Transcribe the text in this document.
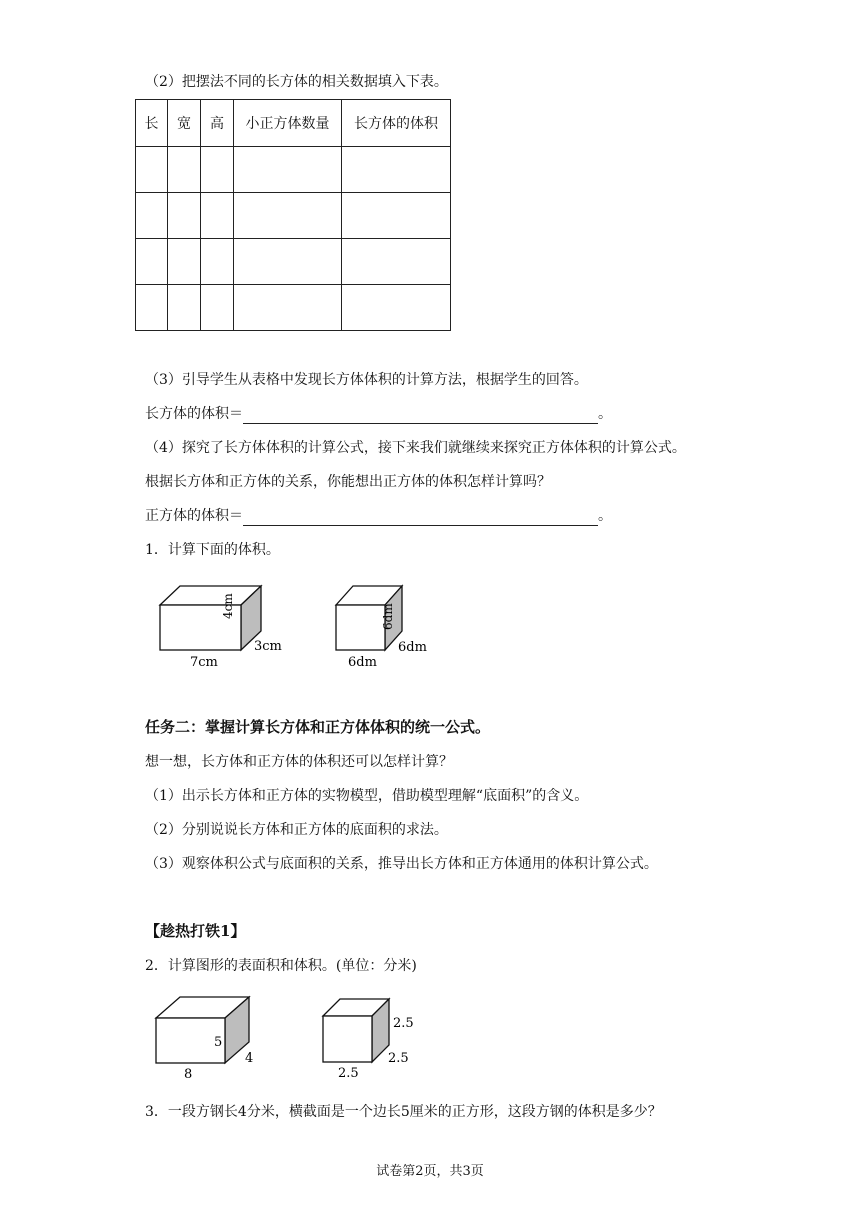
（2）把摆法不同的长方体的相关数据填入下表。
长	宽	高	小正方体数量	长方体的体积

（3）引导学生从表格中发现长方体体积的计算方法，根据学生的回答。
长方体的体积＝	。
（4）探究了长方体体积的计算公式，接下来我们就继续来探究正方体体积的计算公式。
根据长方体和正方体的关系，你能想出正方体的体积怎样计算吗？
正方体的体积＝	。
1．计算下面的体积。
4cm
3cm
7cm
6dm
6dm
6dm
任务二：掌握计算长方体和正方体体积的统一公式。
想一想，长方体和正方体的体积还可以怎样计算？
（1）出示长方体和正方体的实物模型，借助模型理解“底面积”的含义。
（2）分别说说长方体和正方体的底面积的求法。
（3）观察体积公式与底面积的关系，推导出长方体和正方体通用的体积计算公式。
【趁热打铁1】
2．计算图形的表面积和体积。(单位：分米)
5
4
8
2.5
2.5
2.5
3．一段方钢长4分米，横截面是一个边长5厘米的正方形，这段方钢的体积是多少？
试卷第2页，共3页
